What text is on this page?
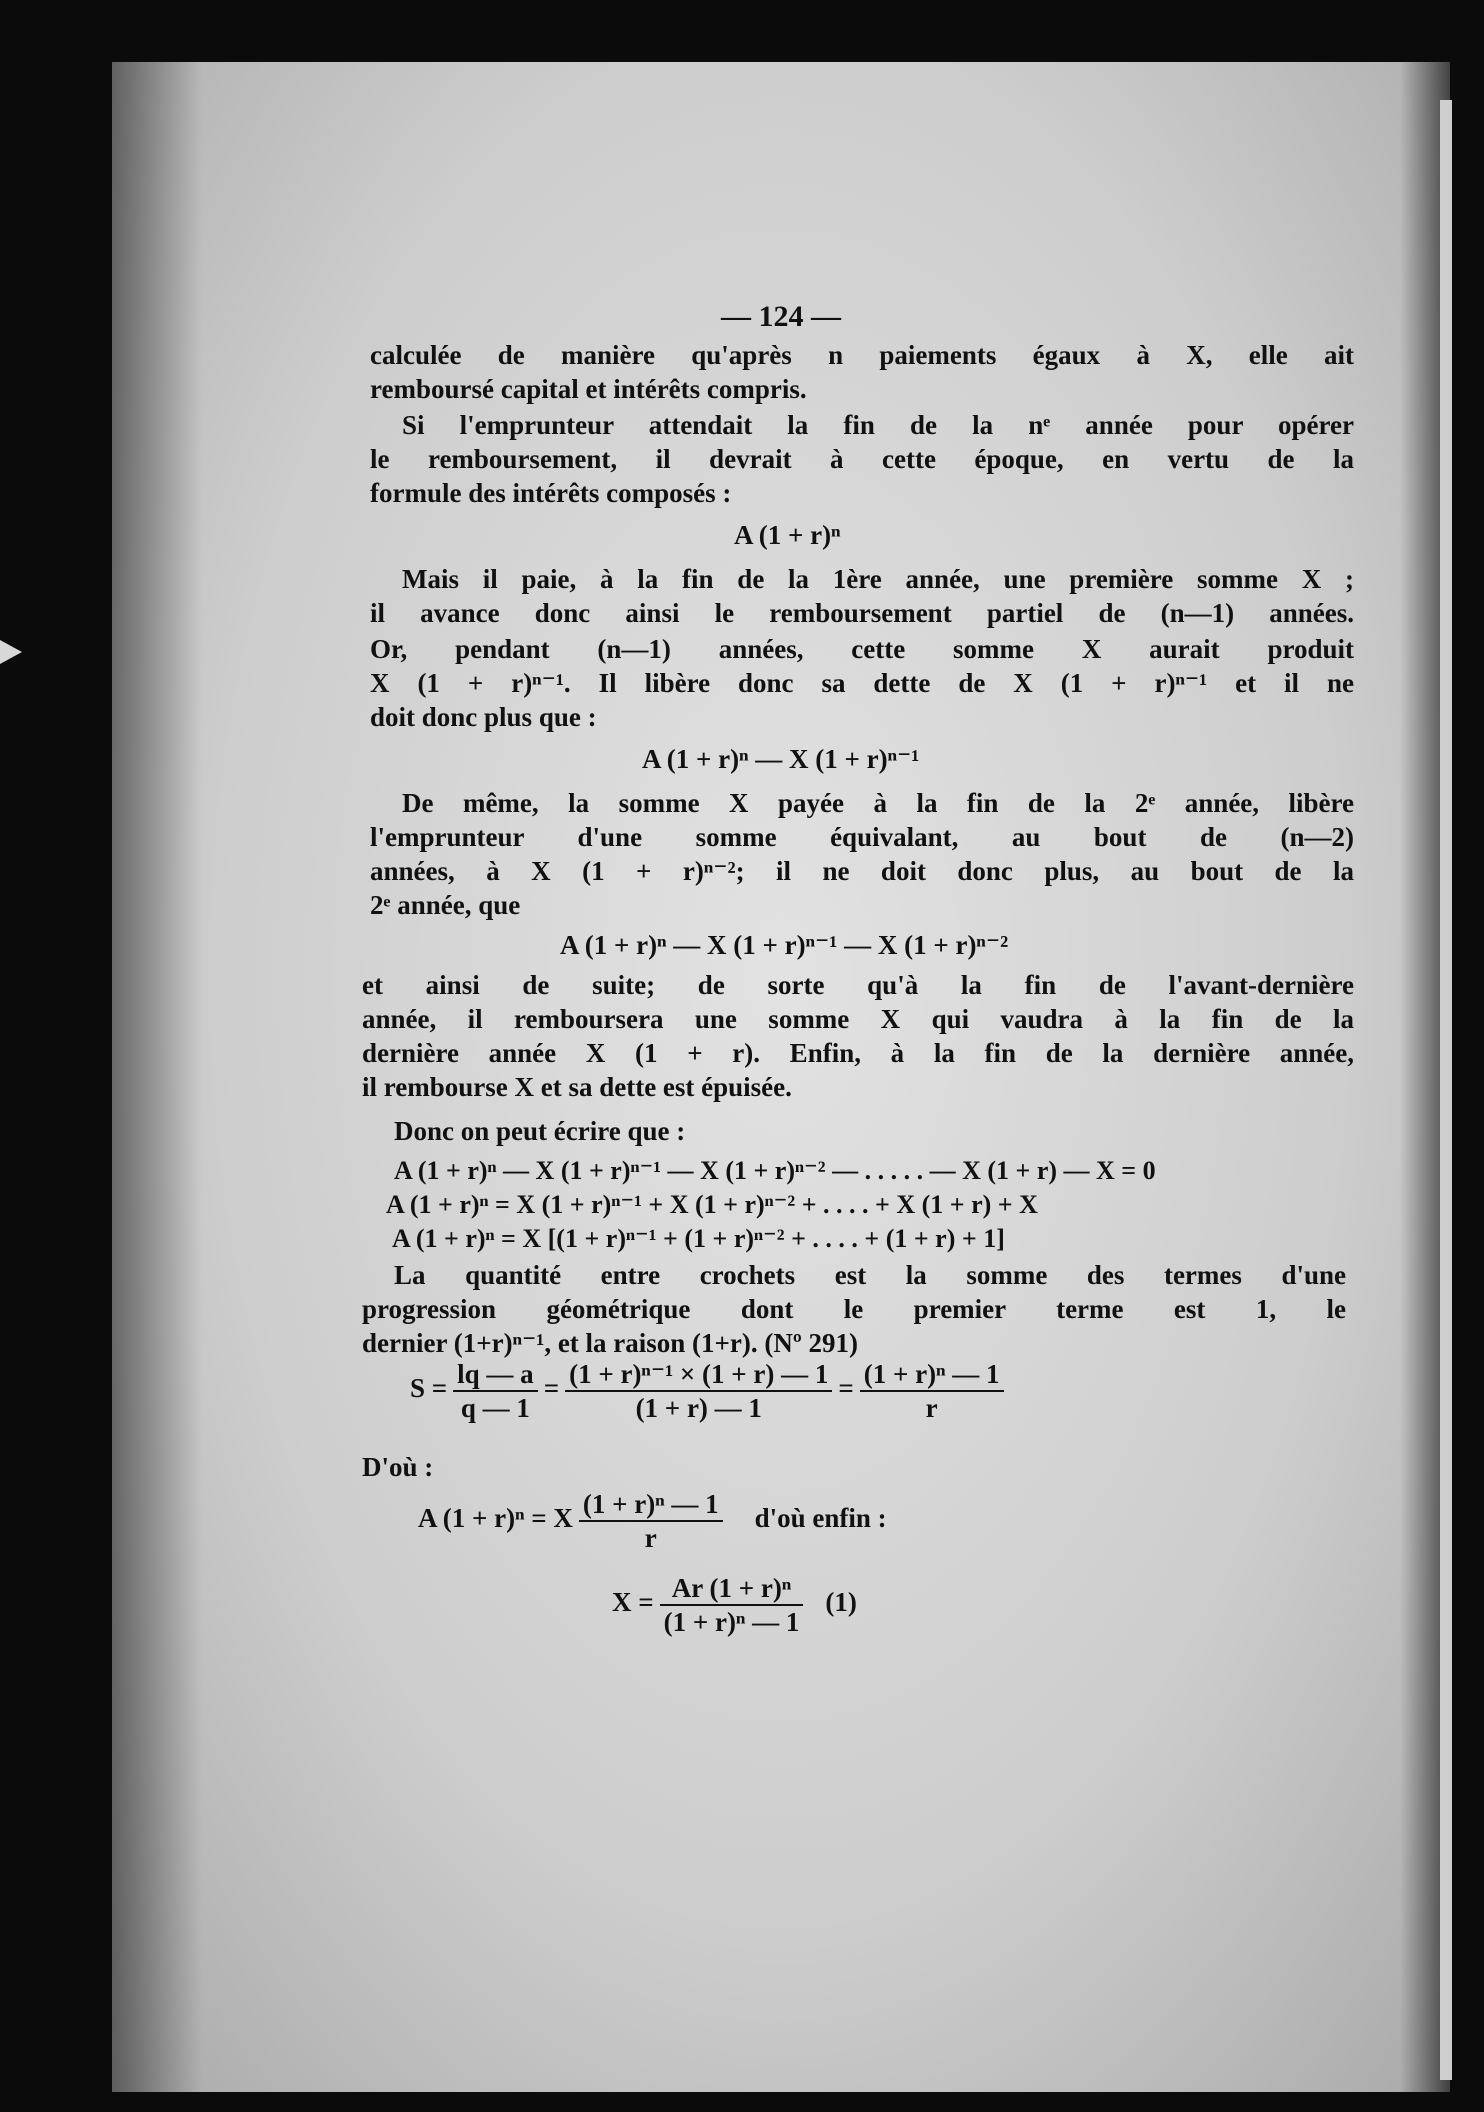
— 124 —
calculée de manière qu'après n paiements égaux à X, elle ait
remboursé capital et intérêts compris.
Si l'emprunteur attendait la fin de la nᵉ année pour opérer
le remboursement, il devrait à cette époque, en vertu de la
formule des intérêts composés :
A (1 + r)ⁿ
Mais il paie, à la fin de la 1ère année, une première somme X ;
il avance donc ainsi le remboursement partiel de (n—1) années.
Or, pendant (n—1) années, cette somme X aurait produit
X (1 + r)ⁿ⁻¹. Il libère donc sa dette de X (1 + r)ⁿ⁻¹ et il ne
doit donc plus que :
A (1 + r)ⁿ — X (1 + r)ⁿ⁻¹
De même, la somme X payée à la fin de la 2ᵉ année, libère
l'emprunteur d'une somme équivalant, au bout de (n—2)
années, à X (1 + r)ⁿ⁻²; il ne doit donc plus, au bout de la
2ᵉ année, que
A (1 + r)ⁿ — X (1 + r)ⁿ⁻¹ — X (1 + r)ⁿ⁻²
et ainsi de suite; de sorte qu'à la fin de l'avant-dernière
année, il remboursera une somme X qui vaudra à la fin de la
dernière année X (1 + r). Enfin, à la fin de la dernière année,
il rembourse X et sa dette est épuisée.
Donc on peut écrire que :
A (1 + r)ⁿ — X (1 + r)ⁿ⁻¹ — X (1 + r)ⁿ⁻² — . . . . . — X (1 + r) — X = 0
A (1 + r)ⁿ = X (1 + r)ⁿ⁻¹ + X (1 + r)ⁿ⁻² + . . . . + X (1 + r) + X
A (1 + r)ⁿ = X [(1 + r)ⁿ⁻¹ + (1 + r)ⁿ⁻² + . . . . + (1 + r) + 1]
La quantité entre crochets est la somme des termes d'une
progression géométrique dont le premier terme est 1, le
dernier (1+r)ⁿ⁻¹, et la raison (1+r). (Nº 291)
$S = \frac{lq — a}{q — 1} = \frac{\text{(1 + r)ⁿ⁻¹ × (1 + r) — 1}}{(1 + r) — 1} = \frac{\text{(1 + r)ⁿ — 1}}{r}$
D'où :
A (1 + r)ⁿ = X $\frac{\text{(1 + r)ⁿ — 1}}{r}$ d'où enfin :
$X = \frac{\text{Ar (1 + r)ⁿ}}{\text{(1 + r)ⁿ — 1}} (1)$
